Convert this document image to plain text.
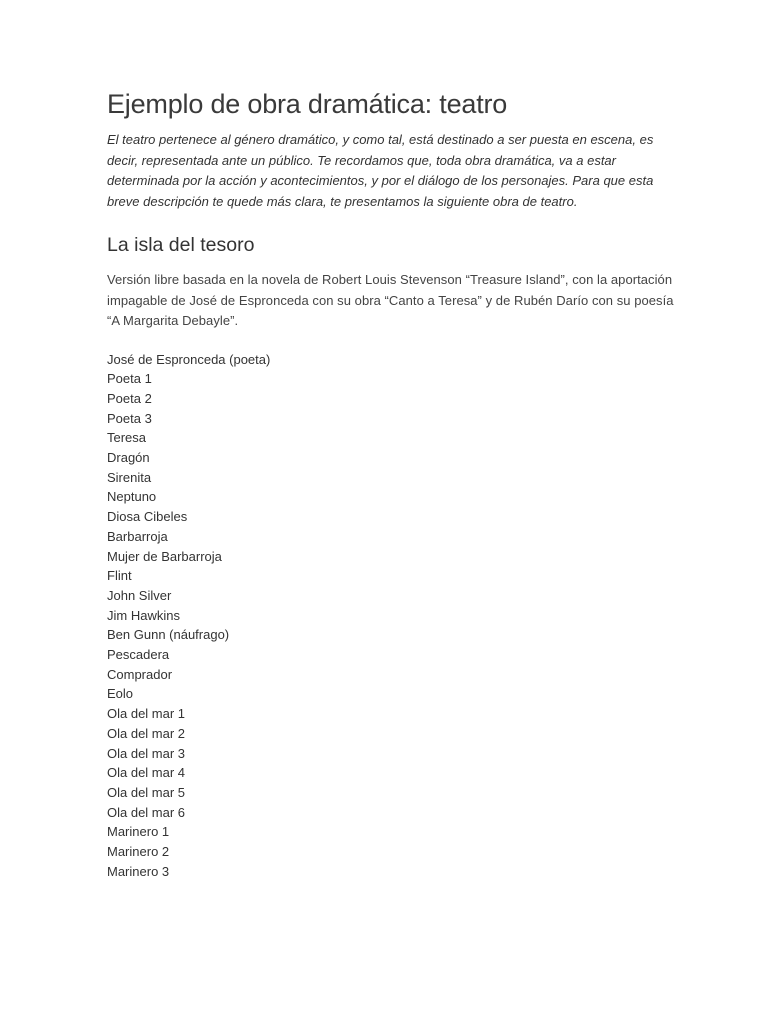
Ejemplo de obra dramática: teatro

El teatro pertenece al género dramático, y como tal, está destinado a ser puesta en escena, es decir, representada ante un público. Te recordamos que, toda obra dramática, va a estar determinada por la acción y acontecimientos, y por el diálogo de los personajes. Para que esta breve descripción te quede más clara, te presentamos la siguiente obra de teatro.

La isla del tesoro

Versión libre basada en la novela de Robert Louis Stevenson “Treasure Island”, con la aportación impagable de José de Espronceda con su obra “Canto a Teresa” y de Rubén Darío con su poesía “A Margarita Debayle”.

José de Espronceda (poeta)
Poeta 1
Poeta 2
Poeta 3
Teresa
Dragón
Sirenita
Neptuno
Diosa Cibeles
Barbarroja
Mujer de Barbarroja
Flint
John Silver
Jim Hawkins
Ben Gunn (náufrago)
Pescadera
Comprador
Eolo
Ola del mar 1
Ola del mar 2
Ola del mar 3
Ola del mar 4
Ola del mar 5
Ola del mar 6
Marinero 1
Marinero 2
Marinero 3
